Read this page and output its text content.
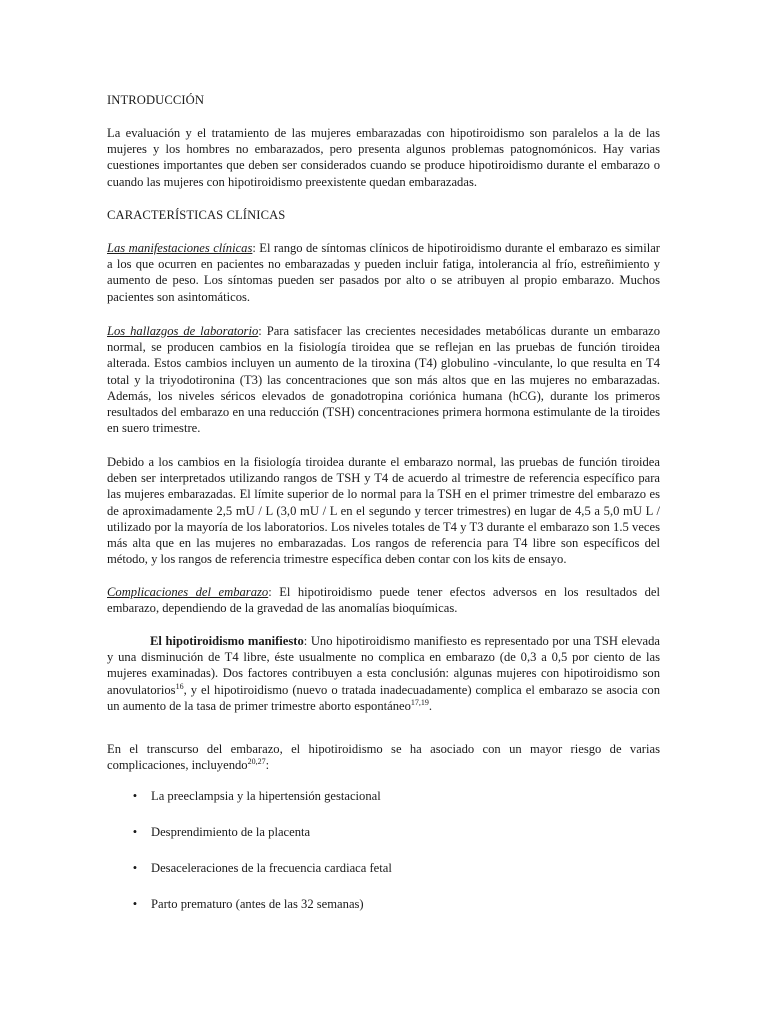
INTRODUCCIÓN

La evaluación y el tratamiento de las mujeres embarazadas con hipotiroidismo son paralelos a la de las mujeres y los hombres no embarazados, pero presenta algunos problemas patognomónicos. Hay varias cuestiones importantes que deben ser considerados cuando se produce hipotiroidismo durante el embarazo o cuando las mujeres con hipotiroidismo preexistente quedan embarazadas.

CARACTERÍSTICAS CLÍNICAS

Las manifestaciones clínicas: El rango de síntomas clínicos de hipotiroidismo durante el embarazo es similar a los que ocurren en pacientes no embarazadas y pueden incluir fatiga, intolerancia al frío, estreñimiento y aumento de peso. Los síntomas pueden ser pasados por alto o se atribuyen al propio embarazo. Muchos pacientes son asintomáticos.

Los hallazgos de laboratorio: Para satisfacer las crecientes necesidades metabólicas durante un embarazo normal, se producen cambios en la fisiología tiroidea que se reflejan en las pruebas de función tiroidea alterada. Estos cambios incluyen un aumento de la tiroxina (T4) globulino -vinculante, lo que resulta en T4 total y la triyodotironina (T3) las concentraciones que son más altos que en las mujeres no embarazadas. Además, los niveles séricos elevados de gonadotropina coriónica humana (hCG), durante los primeros resultados del embarazo en una reducción (TSH) concentraciones primera hormona estimulante de la tiroides en suero trimestre.

Debido a los cambios en la fisiología tiroidea durante el embarazo normal, las pruebas de función tiroidea deben ser interpretados utilizando rangos de TSH y T4 de acuerdo al trimestre de referencia específico para las mujeres embarazadas. El límite superior de lo normal para la TSH en el primer trimestre del embarazo es de aproximadamente 2,5 mU / L (3,0 mU / L en el segundo y tercer trimestres) en lugar de 4,5 a 5,0 mU L / utilizado por la mayoría de los laboratorios. Los niveles totales de T4 y T3 durante el embarazo son 1.5 veces más alta que en las mujeres no embarazadas. Los rangos de referencia para T4 libre son específicos del método, y los rangos de referencia trimestre específica deben contar con los kits de ensayo.

Complicaciones del embarazo: El hipotiroidismo puede tener efectos adversos en los resultados del embarazo, dependiendo de la gravedad de las anomalías bioquímicas.

El hipotiroidismo manifiesto: Uno hipotiroidismo manifiesto es representado por una TSH elevada y una disminución de T4 libre, éste usualmente no complica en embarazo (de 0,3 a 0,5 por ciento de las mujeres examinadas). Dos factores contribuyen a esta conclusión: algunas mujeres con hipotiroidismo son anovulatorios$^{16}$, y el hipotiroidismo (nuevo o tratada inadecuadamente) complica el embarazo se asocia con un aumento de la tasa de primer trimestre aborto espontáneo$^{17,19}$.

En el transcurso del embarazo, el hipotiroidismo se ha asociado con un mayor riesgo de varias complicaciones, incluyendo$^{20,27}$:

• La preeclampsia y la hipertensión gestacional
• Desprendimiento de la placenta
• Desaceleraciones de la frecuencia cardiaca fetal
• Parto prematuro (antes de las 32 semanas)
